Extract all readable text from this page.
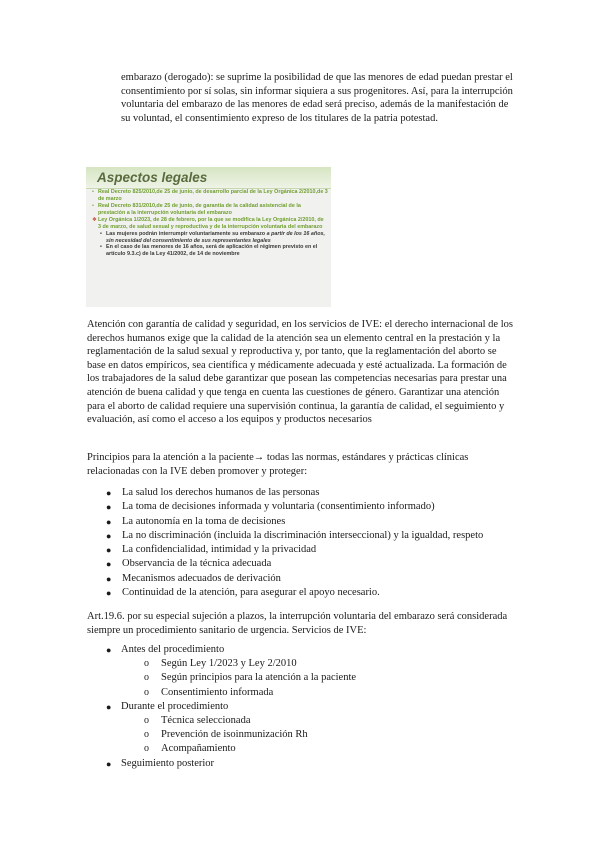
embarazo (derogado): se suprime la posibilidad de que las menores de edad puedan prestar el consentimiento por sí solas, sin informar siquiera a sus progenitores. Así, para la interrupción voluntaria del embarazo de las menores de edad será preciso, además de la manifestación de su voluntad, el consentimiento expreso de los titulares de la patria potestad.

Aspectos legales
• Real Decreto 825/2010,de 25 de junio, de desarrollo parcial de la Ley Orgánica 2/2010,de 3 de marzo
• Real Decreto 831/2010,de 25 de junio, de garantía de la calidad asistencial de la prestación a la interrupción voluntaria del embarazo
❖ Ley Orgánica 1/2023, de 28 de febrero, por la que se modifica la Ley Orgánica 2/2010, de 3 de marzo, de salud sexual y reproductiva y de la interrupción voluntaria del embarazo
• Las mujeres podrán interrumpir voluntariamente su embarazo a partir de los 16 años, sin necesidad del consentimiento de sus representantes legales
• En el caso de las menores de 16 años, será de aplicación el régimen previsto en el artículo 9.3.c) de la Ley 41/2002, de 14 de noviembre

Atención con garantía de calidad y seguridad, en los servicios de IVE: el derecho internacional de los derechos humanos exige que la calidad de la atención sea un elemento central en la prestación y la reglamentación de la salud sexual y reproductiva y, por tanto, que la reglamentación del aborto se base en datos empíricos, sea científica y médicamente adecuada y esté actualizada. La formación de los trabajadores de la salud debe garantizar que posean las competencias necesarias para prestar una atención de buena calidad y que tenga en cuenta las cuestiones de género. Garantizar una atención para el aborto de calidad requiere una supervisión continua, la garantía de calidad, el seguimiento y evaluación, así como el acceso a los equipos y productos necesarios

Principios para la atención a la paciente→ todas las normas, estándares y prácticas clínicas relacionadas con la IVE deben promover y proteger:

● La salud los derechos humanos de las personas
● La toma de decisiones informada y voluntaria (consentimiento informado)
● La autonomía en la toma de decisiones
● La no discriminación (incluida la discriminación interseccional) y la igualdad, respeto
● La confidencialidad, intimidad y la privacidad
● Observancia de la técnica adecuada
● Mecanismos adecuados de derivación
● Continuidad de la atención, para asegurar el apoyo necesario.

Art.19.6. por su especial sujeción a plazos, la interrupción voluntaria del embarazo será considerada siempre un procedimiento sanitario de urgencia. Servicios de IVE:

● Antes del procedimiento
o Según Ley 1/2023 y Ley 2/2010
o Según principios para la atención a la paciente
o Consentimiento informada
● Durante el procedimiento
o Técnica seleccionada
o Prevención de isoinmunización Rh
o Acompañamiento
● Seguimiento posterior
